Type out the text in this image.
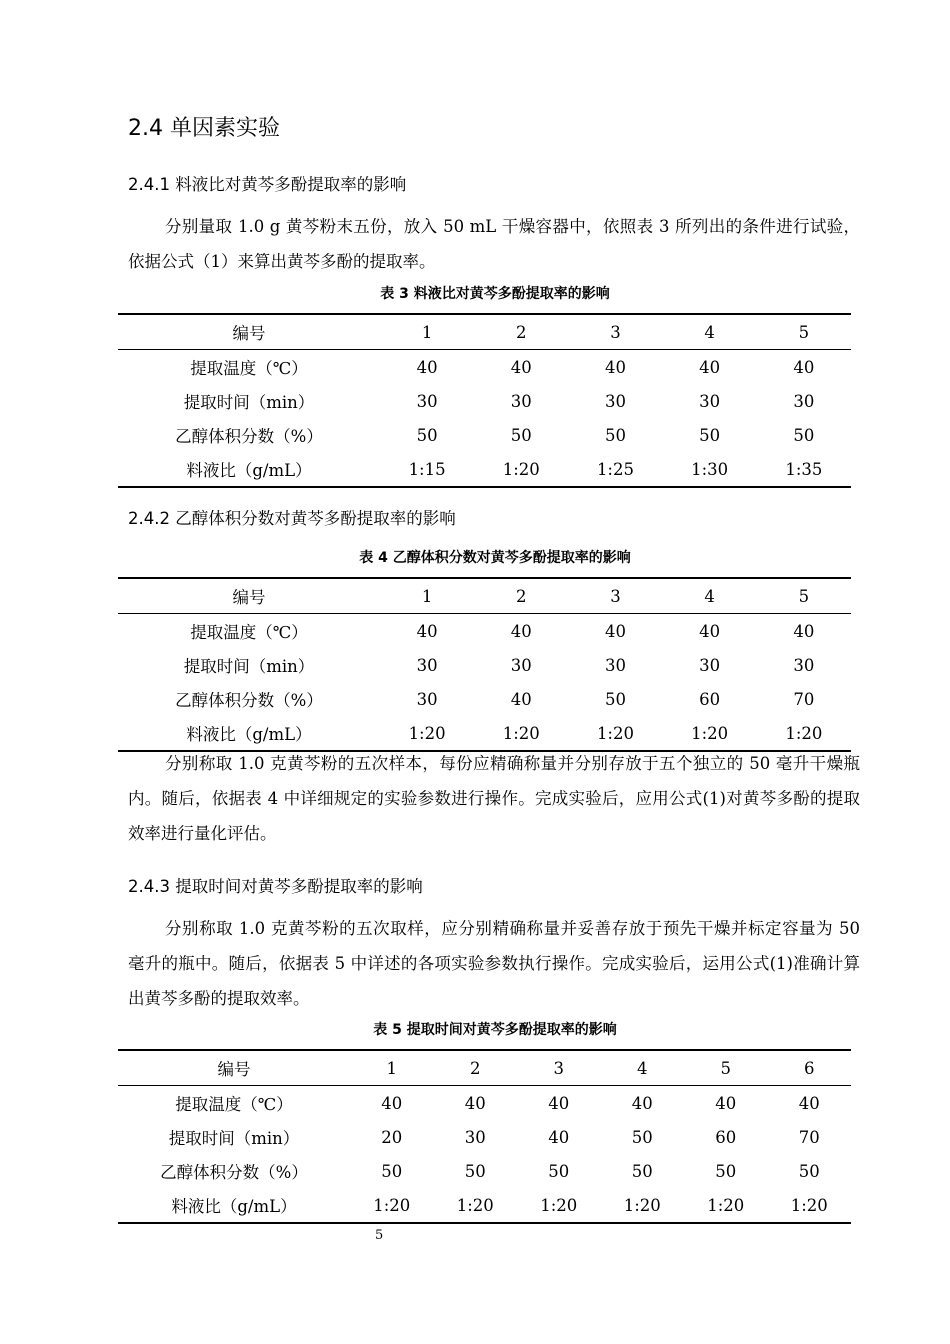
2.4 单因素实验
2.4.1 料液比对黄芩多酚提取率的影响

分别量取 1.0 g 黄芩粉末五份，放入 50 mL 干燥容器中，依照表 3 所列出的条件进行试验，依据公式（1）来算出黄芩多酚的提取率。

表 3 料液比对黄芩多酚提取率的影响
编号	1	2	3	4	5
提取温度（℃）	40	40	40	40	40
提取时间（min）	30	30	30	30	30
乙醇体积分数（%）	50	50	50	50	50
料液比（g/mL）	1:15	1:20	1:25	1:30	1:35
2.4.2 乙醇体积分数对黄芩多酚提取率的影响
表 4 乙醇体积分数对黄芩多酚提取率的影响
编号	1	2	3	4	5
提取温度（℃）	40	40	40	40	40
提取时间（min）	30	30	30	30	30
乙醇体积分数（%）	30	40	50	60	70
料液比（g/mL）	1:20	1:20	1:20	1:20	1:20

分别称取 1.0 克黄芩粉的五次样本，每份应精确称量并分别存放于五个独立的 50 毫升干燥瓶内。随后，依据表 4 中详细规定的实验参数进行操作。完成实验后，应用公式(1)对黄芩多酚的提取效率进行量化评估。

2.4.3 提取时间对黄芩多酚提取率的影响

分别称取 1.0 克黄芩粉的五次取样，应分别精确称量并妥善存放于预先干燥并标定容量为 50 毫升的瓶中。随后，依据表 5 中详述的各项实验参数执行操作。完成实验后，运用公式(1)准确计算出黄芩多酚的提取效率。

表 5 提取时间对黄芩多酚提取率的影响
编号	1	2	3	4	5	6
提取温度（℃）	40	40	40	40	40	40
提取时间（min）	20	30	40	50	60	70
乙醇体积分数（%）	50	50	50	50	50	50
料液比（g/mL）	1:20	1:20	1:20	1:20	1:20	1:20
5
